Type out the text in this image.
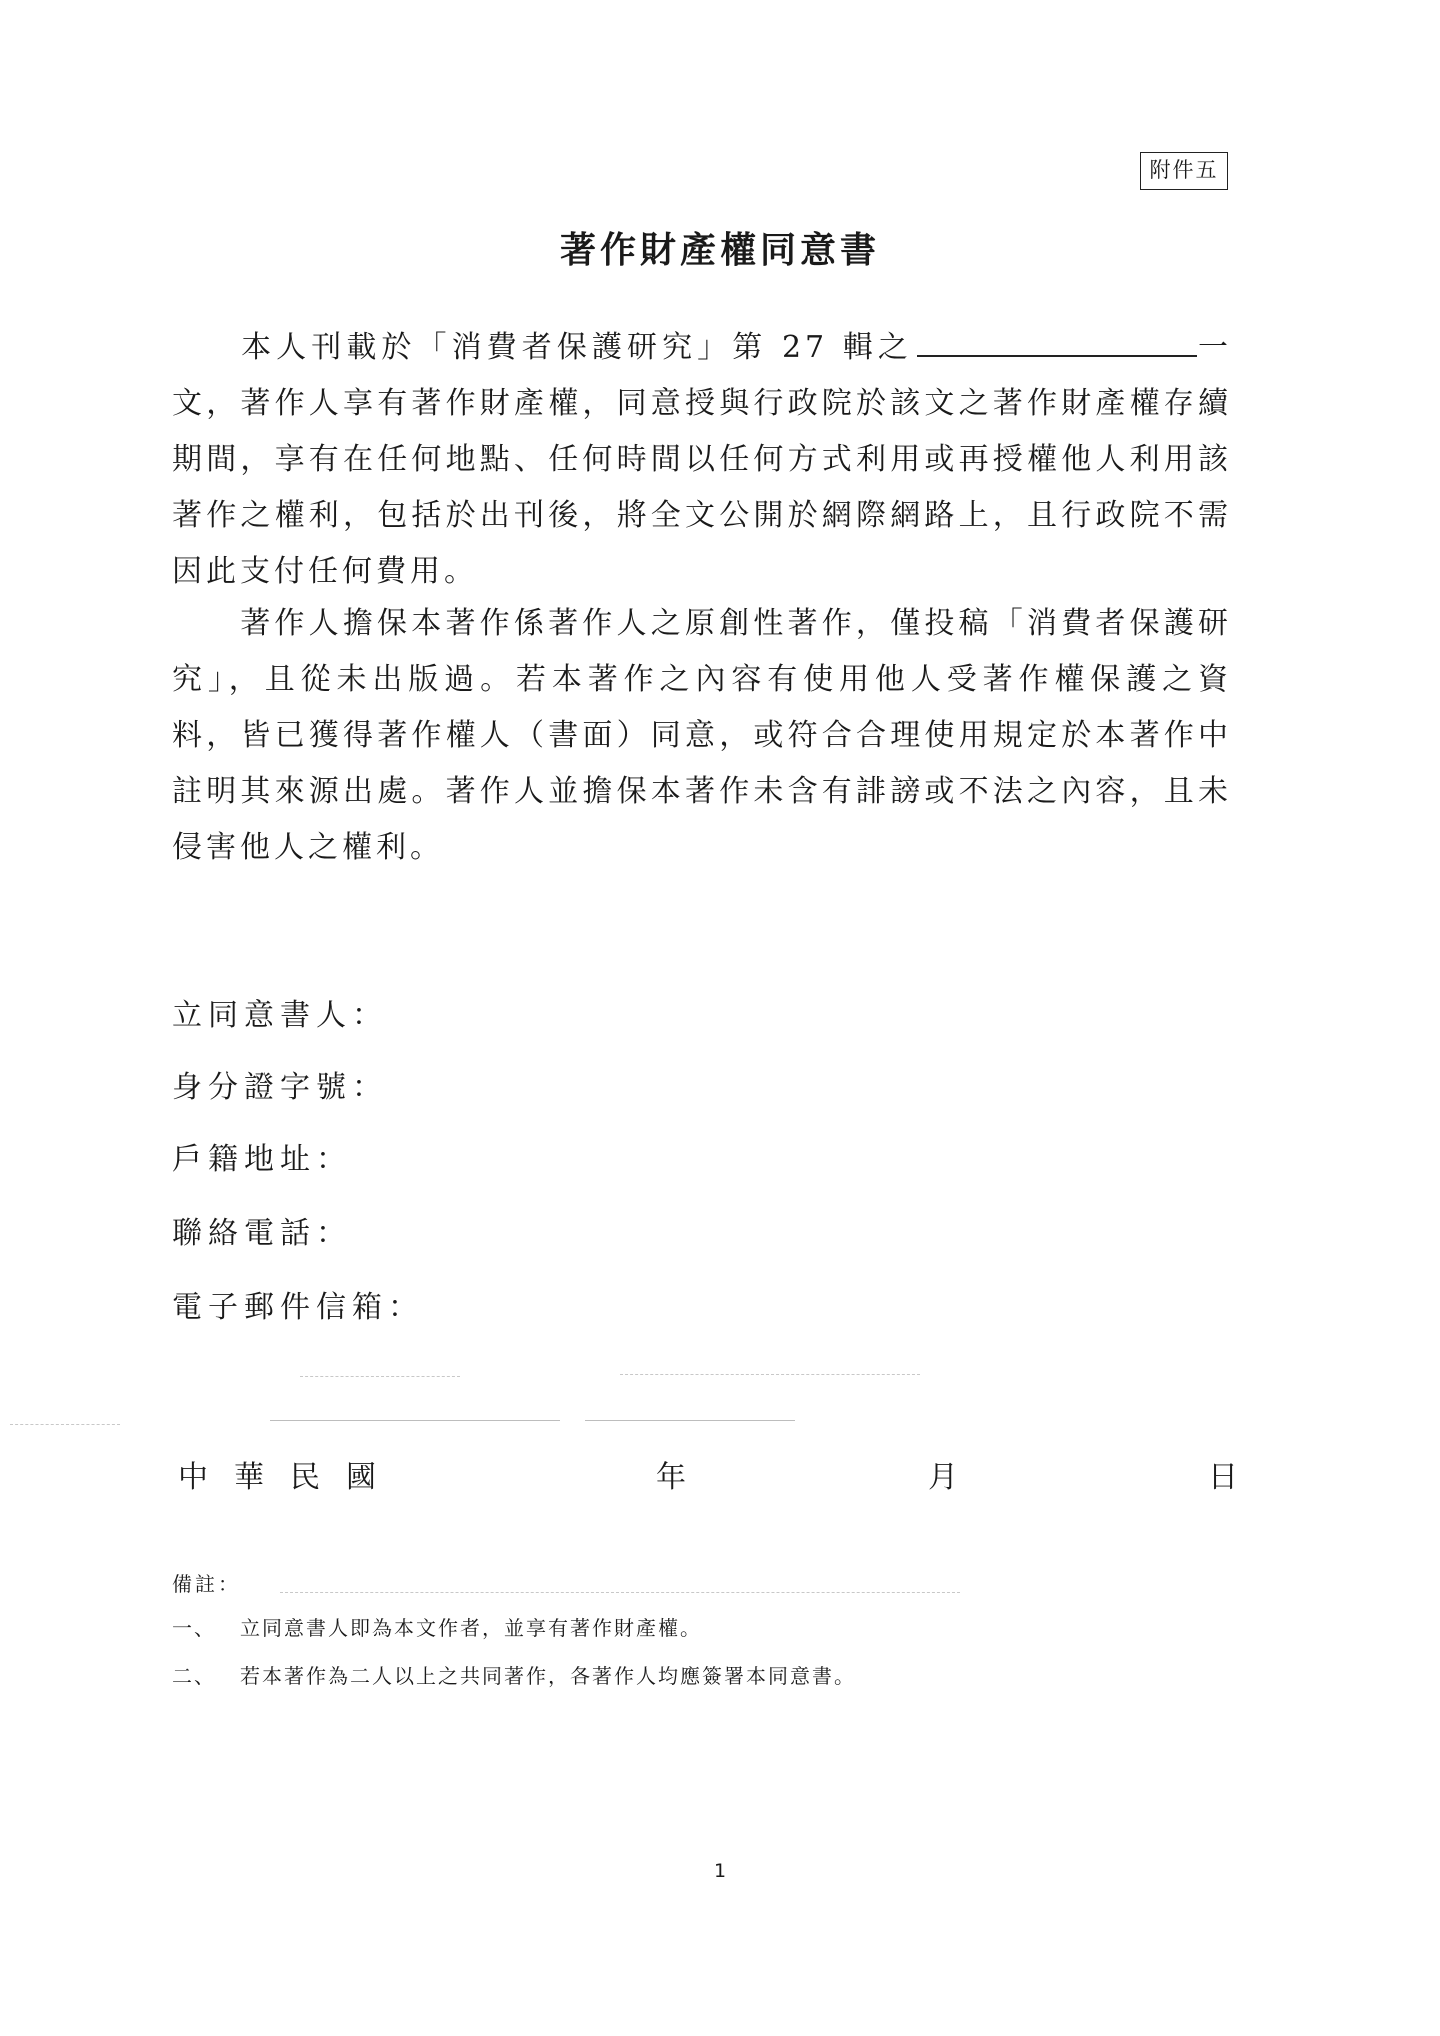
附件五
著作財產權同意書
本人刊載於「消費者保護研究」第 27 輯之	一文，著作人享有著作財產權，同意授與行政院於該文之著作財產權存續期間，享有在任何地點、任何時間以任何方式利用或再授權他人利用該著作之權利，包括於出刊後，將全文公開於網際網路上，且行政院不需因此支付任何費用。
著作人擔保本著作係著作人之原創性著作，僅投稿「消費者保護研究」，且從未出版過。若本著作之內容有使用他人受著作權保護之資料，皆已獲得著作權人（書面）同意，或符合合理使用規定於本著作中註明其來源出處。著作人並擔保本著作未含有誹謗或不法之內容，且未侵害他人之權利。
立同意書人：
身分證字號：
戶籍地址：
聯絡電話：
電子郵件信箱：
中華民國	年	月	日
備註：
一、 立同意書人即為本文作者，並享有著作財產權。
二、 若本著作為二人以上之共同著作，各著作人均應簽署本同意書。
1
